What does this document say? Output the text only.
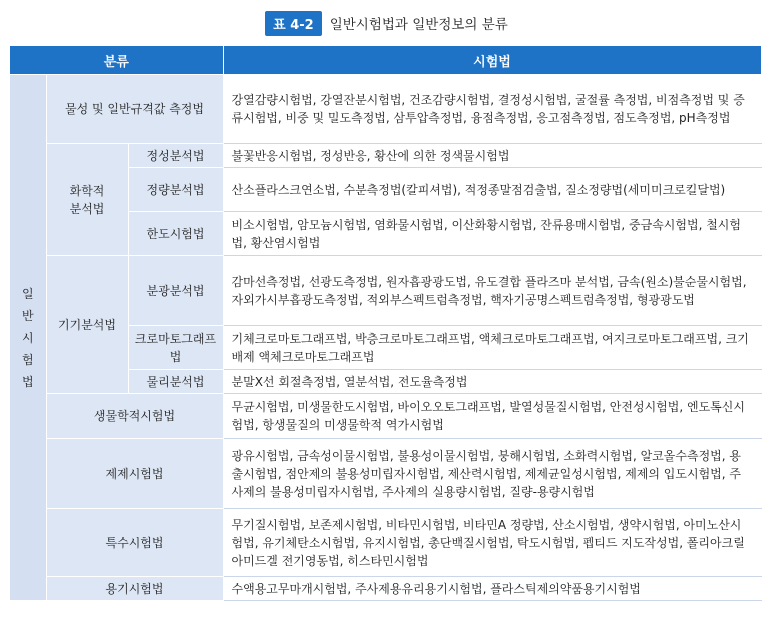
표 4-2	일반시험법과 일반정보의 분류
분류			시험법

일반시험법	물성 및 일반규격값 측정법		강열감량시험법, 강열잔분시험법, 건조감량시험법, 결정성시험법, 굴절률 측정법, 비점측정법 및 증류시험법, 비중 및 밀도측정법, 삼투압측정법, 융점측정법, 응고점측정법, 점도측정법, pH측정법

	화학적 분석법	정성분석법	불꽃반응시험법, 정성반응, 황산에 의한 정색물시험법
		정량분석법	산소플라스크연소법, 수분측정법(칼피셔법), 적정종말점검출법, 질소정량법(세미미크로킬달법)
		한도시험법	비소시험법, 암모늄시험법, 염화물시험법, 이산화황시험법, 잔류용매시험법, 중금속시험법, 철시험법, 황산염시험법
	기기분석법	분광분석법	감마선측정법, 선광도측정법, 원자흡광광도법, 유도결합 플라즈마 분석법, 금속(원소)불순물시험법, 자외가시부흡광도측정법, 적외부스펙트럼측정법, 핵자기공명스펙트럼측정법, 형광광도법

		크로마토그래프법	기체크로마토그래프법, 박층크로마토그래프법, 액체크로마토그래프법, 여지크로마토그래프법, 크기배제 액체크로마토그래프법
		물리분석법	분말X선 회절측정법, 열분석법, 전도율측정법
	생물학적시험법		무균시험법, 미생물한도시험법, 바이오오토그래프법, 발열성물질시험법, 안전성시험법, 엔도톡신시험법, 항생물질의 미생물학적 역가시험법
	제제시험법		광유시험법, 금속성이물시험법, 불용성이물시험법, 붕해시험법, 소화력시험법, 알코올수측정법, 용출시험법, 점안제의 불용성미립자시험법, 제산력시험법, 제제균일성시험법, 제제의 입도시험법, 주사제의 불용성미립자시험법, 주사제의 실용량시험법, 질량-용량시험법
	특수시험법		무기질시험법, 보존제시험법, 비타민시험법, 비타민A 정량법, 산소시험법, 생약시험법, 아미노산시험법, 유기체탄소시험법, 유지시험법, 총단백질시험법, 탁도시험법, 펩티드 지도작성법, 폴리아크릴아미드겔 전기영동법, 히스타민시험법
	용기시험법		수액용고무마개시험법, 주사제용유리용기시험법, 플라스틱제의약품용기시험법
